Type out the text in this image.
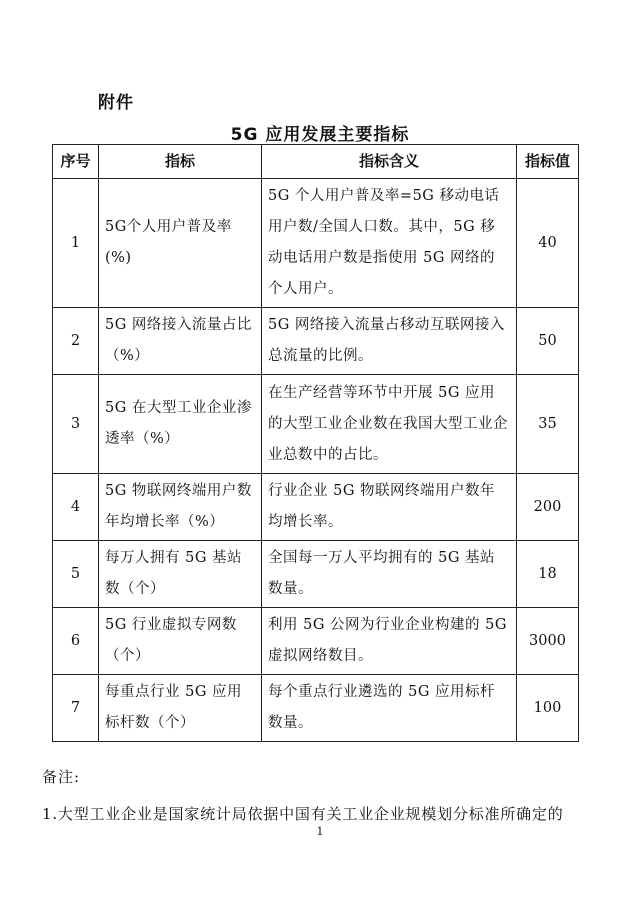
附件
5G 应用发展主要指标
序号	指标	指标含义	指标值
1	5G个人用户普及率(%)	5G 个人用户普及率=5G 移动电话用户数/全国人口数。其中，5G 移动电话用户数是指使用 5G 网络的个人用户。	40
2	5G 网络接入流量占比（%）	5G 网络接入流量占移动互联网接入总流量的比例。	50
3	5G 在大型工业企业渗透率（%）	在生产经营等环节中开展 5G 应用的大型工业企业数在我国大型工业企业总数中的占比。	35
4	5G 物联网终端用户数年均增长率（%）	行业企业 5G 物联网终端用户数年均增长率。	200
5	每万人拥有 5G 基站数（个）	全国每一万人平均拥有的 5G 基站数量。	18
6	5G 行业虚拟专网数（个）	利用 5G 公网为行业企业构建的 5G 虚拟网络数目。	3000
7	每重点行业 5G 应用标杆数（个）	每个重点行业遴选的 5G 应用标杆数量。	100
备注:
1.大型工业企业是国家统计局依据中国有关工业企业规模划分标准所确定的
1
